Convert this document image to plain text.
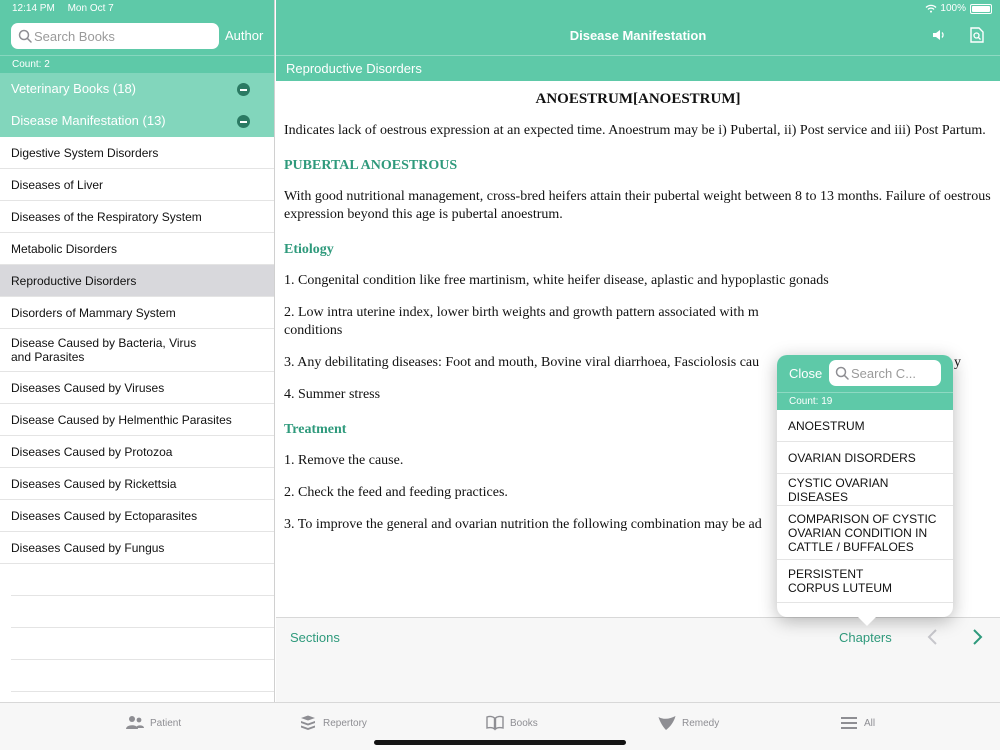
12:14 PM Mon Oct 7
Search Books
Author
Count: 2
Veterinary Books (18)
Disease Manifestation (13)
Digestive System Disorders
Diseases of Liver
Diseases of the Respiratory System
Metabolic Disorders
Reproductive Disorders
Disorders of Mammary System
Disease Caused by Bacteria, Virus
and Parasites
Diseases Caused by Viruses
Disease Caused by Helmenthic Parasites
Diseases Caused by Protozoa
Diseases Caused by Rickettsia
Diseases Caused by Ectoparasites
Diseases Caused by Fungus
100%
Disease Manifestation
Reproductive Disorders
ANOESTRUM[ANOESTRUM]

Indicates lack of oestrous expression at an expected time. Anoestrum may be i) Pubertal, ii) Post service and iii) Post Partum.

PUBERTAL ANOESTROUS

With good nutritional management, cross-bred heifers attain their pubertal weight between 8 to 13 months. Failure of oestrous expression beyond this age is pubertal anoestrum.

Etiology

1. Congenital condition like free martinism, white heifer disease, aplastic and hypoplastic gonads

2. Low intra uterine index, lower birth weights and growth pattern associated with m

conditions

3. Any debilitating diseases: Foot and mouth, Bovine viral diarrhoea, Fasciolosis cau	y

4. Summer stress

Treatment

1. Remove the cause.

2. Check the feed and feeding practices.

3. To improve the general and ovarian nutrition the following combination may be ad

Sections	Chapters
Close
Search C...
Count: 19
ANOESTRUM
OVARIAN DISORDERS
CYSTIC OVARIAN DISEASES
COMPARISON OF CYSTIC
OVARIAN CONDITION IN
CATTLE / BUFFALOES
PERSISTENT
CORPUS LUTEUM
Patient	Repertory	Books	Remedy	All
